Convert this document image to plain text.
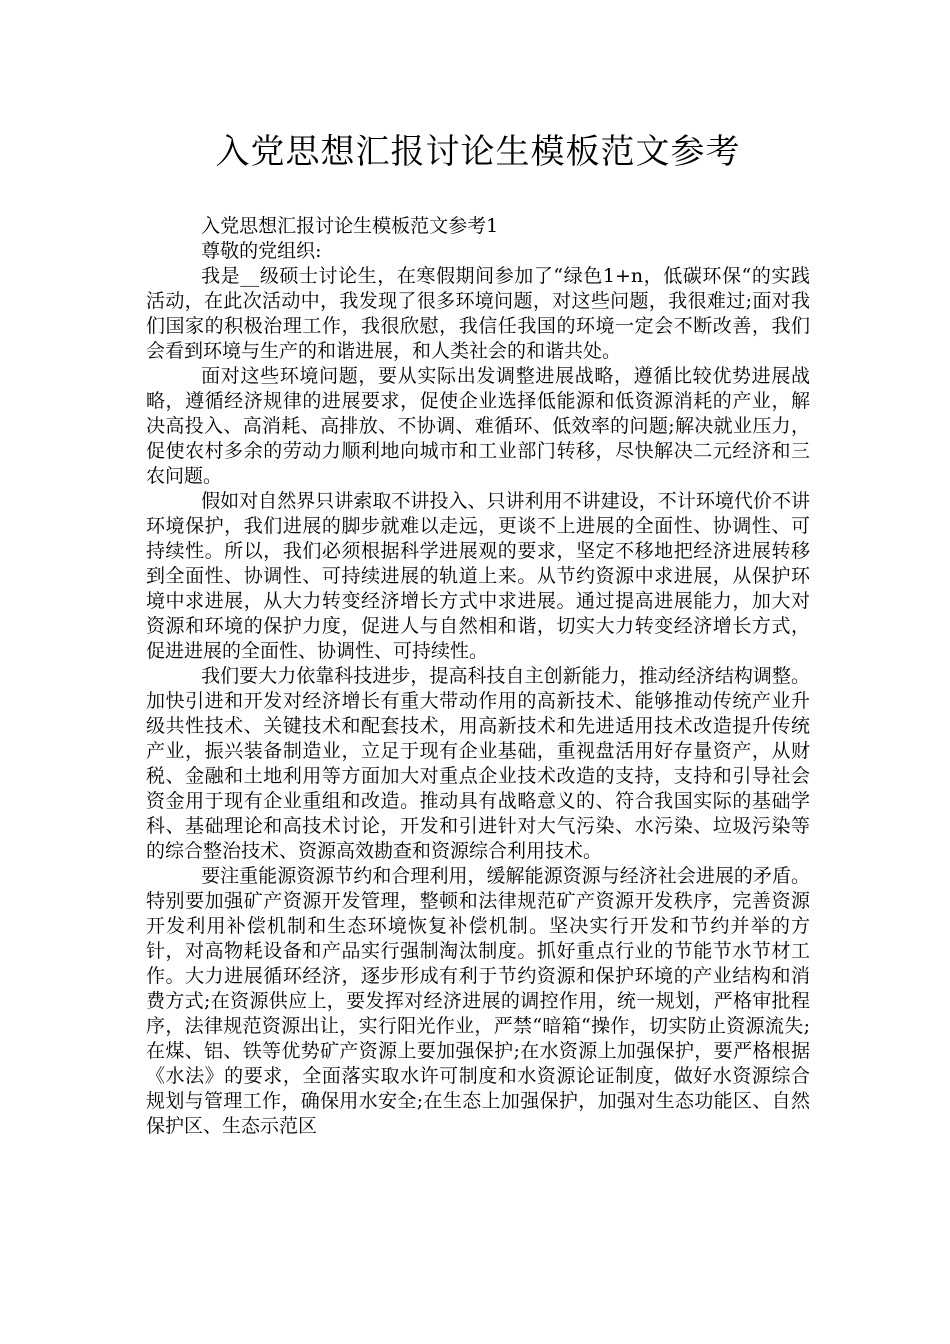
入党思想汇报讨论生模板范文参考

入党思想汇报讨论生模板范文参考1

尊敬的党组织:

我是__级硕士讨论生，在寒假期间参加了“绿色1+n，低碳环保“的实践活动，在此次活动中，我发现了很多环境问题，对这些问题，我很难过;面对我们国家的积极治理工作，我很欣慰，我信任我国的环境一定会不断改善，我们会看到环境与生产的和谐进展，和人类社会的和谐共处。

面对这些环境问题，要从实际出发调整进展战略，遵循比较优势进展战略，遵循经济规律的进展要求，促使企业选择低能源和低资源消耗的产业，解决高投入、高消耗、高排放、不协调、难循环、低效率的问题;解决就业压力，促使农村多余的劳动力顺利地向城市和工业部门转移，尽快解决二元经济和三农问题。

假如对自然界只讲索取不讲投入、只讲利用不讲建设，不计环境代价不讲环境保护，我们进展的脚步就难以走远，更谈不上进展的全面性、协调性、可持续性。所以，我们必须根据科学进展观的要求，坚定不移地把经济进展转移到全面性、协调性、可持续进展的轨道上来。从节约资源中求进展，从保护环境中求进展，从大力转变经济增长方式中求进展。通过提高进展能力，加大对资源和环境的保护力度，促进人与自然相和谐，切实大力转变经济增长方式，促进进展的全面性、协调性、可持续性。

我们要大力依靠科技进步，提高科技自主创新能力，推动经济结构调整。加快引进和开发对经济增长有重大带动作用的高新技术、能够推动传统产业升级共性技术、关键技术和配套技术，用高新技术和先进适用技术改造提升传统产业，振兴装备制造业，立足于现有企业基础，重视盘活用好存量资产，从财税、金融和土地利用等方面加大对重点企业技术改造的支持，支持和引导社会资金用于现有企业重组和改造。推动具有战略意义的、符合我国实际的基础学科、基础理论和高技术讨论，开发和引进针对大气污染、水污染、垃圾污染等的综合整治技术、资源高效勘查和资源综合利用技术。

要注重能源资源节约和合理利用，缓解能源资源与经济社会进展的矛盾。特别要加强矿产资源开发管理，整顿和法律规范矿产资源开发秩序，完善资源开发利用补偿机制和生态环境恢复补偿机制。坚决实行开发和节约并举的方针，对高物耗设备和产品实行强制淘汰制度。抓好重点行业的节能节水节材工作。大力进展循环经济，逐步形成有利于节约资源和保护环境的产业结构和消费方式;在资源供应上，要发挥对经济进展的调控作用，统一规划，严格审批程序，法律规范资源出让，实行阳光作业，严禁“暗箱“操作，切实防止资源流失;在煤、铝、铁等优势矿产资源上要加强保护;在水资源上加强保护，要严格根据《水法》的要求，全面落实取水许可制度和水资源论证制度，做好水资源综合规划与管理工作，确保用水安全;在生态上加强保护，加强对生态功能区、自然保护区、生态示范区
